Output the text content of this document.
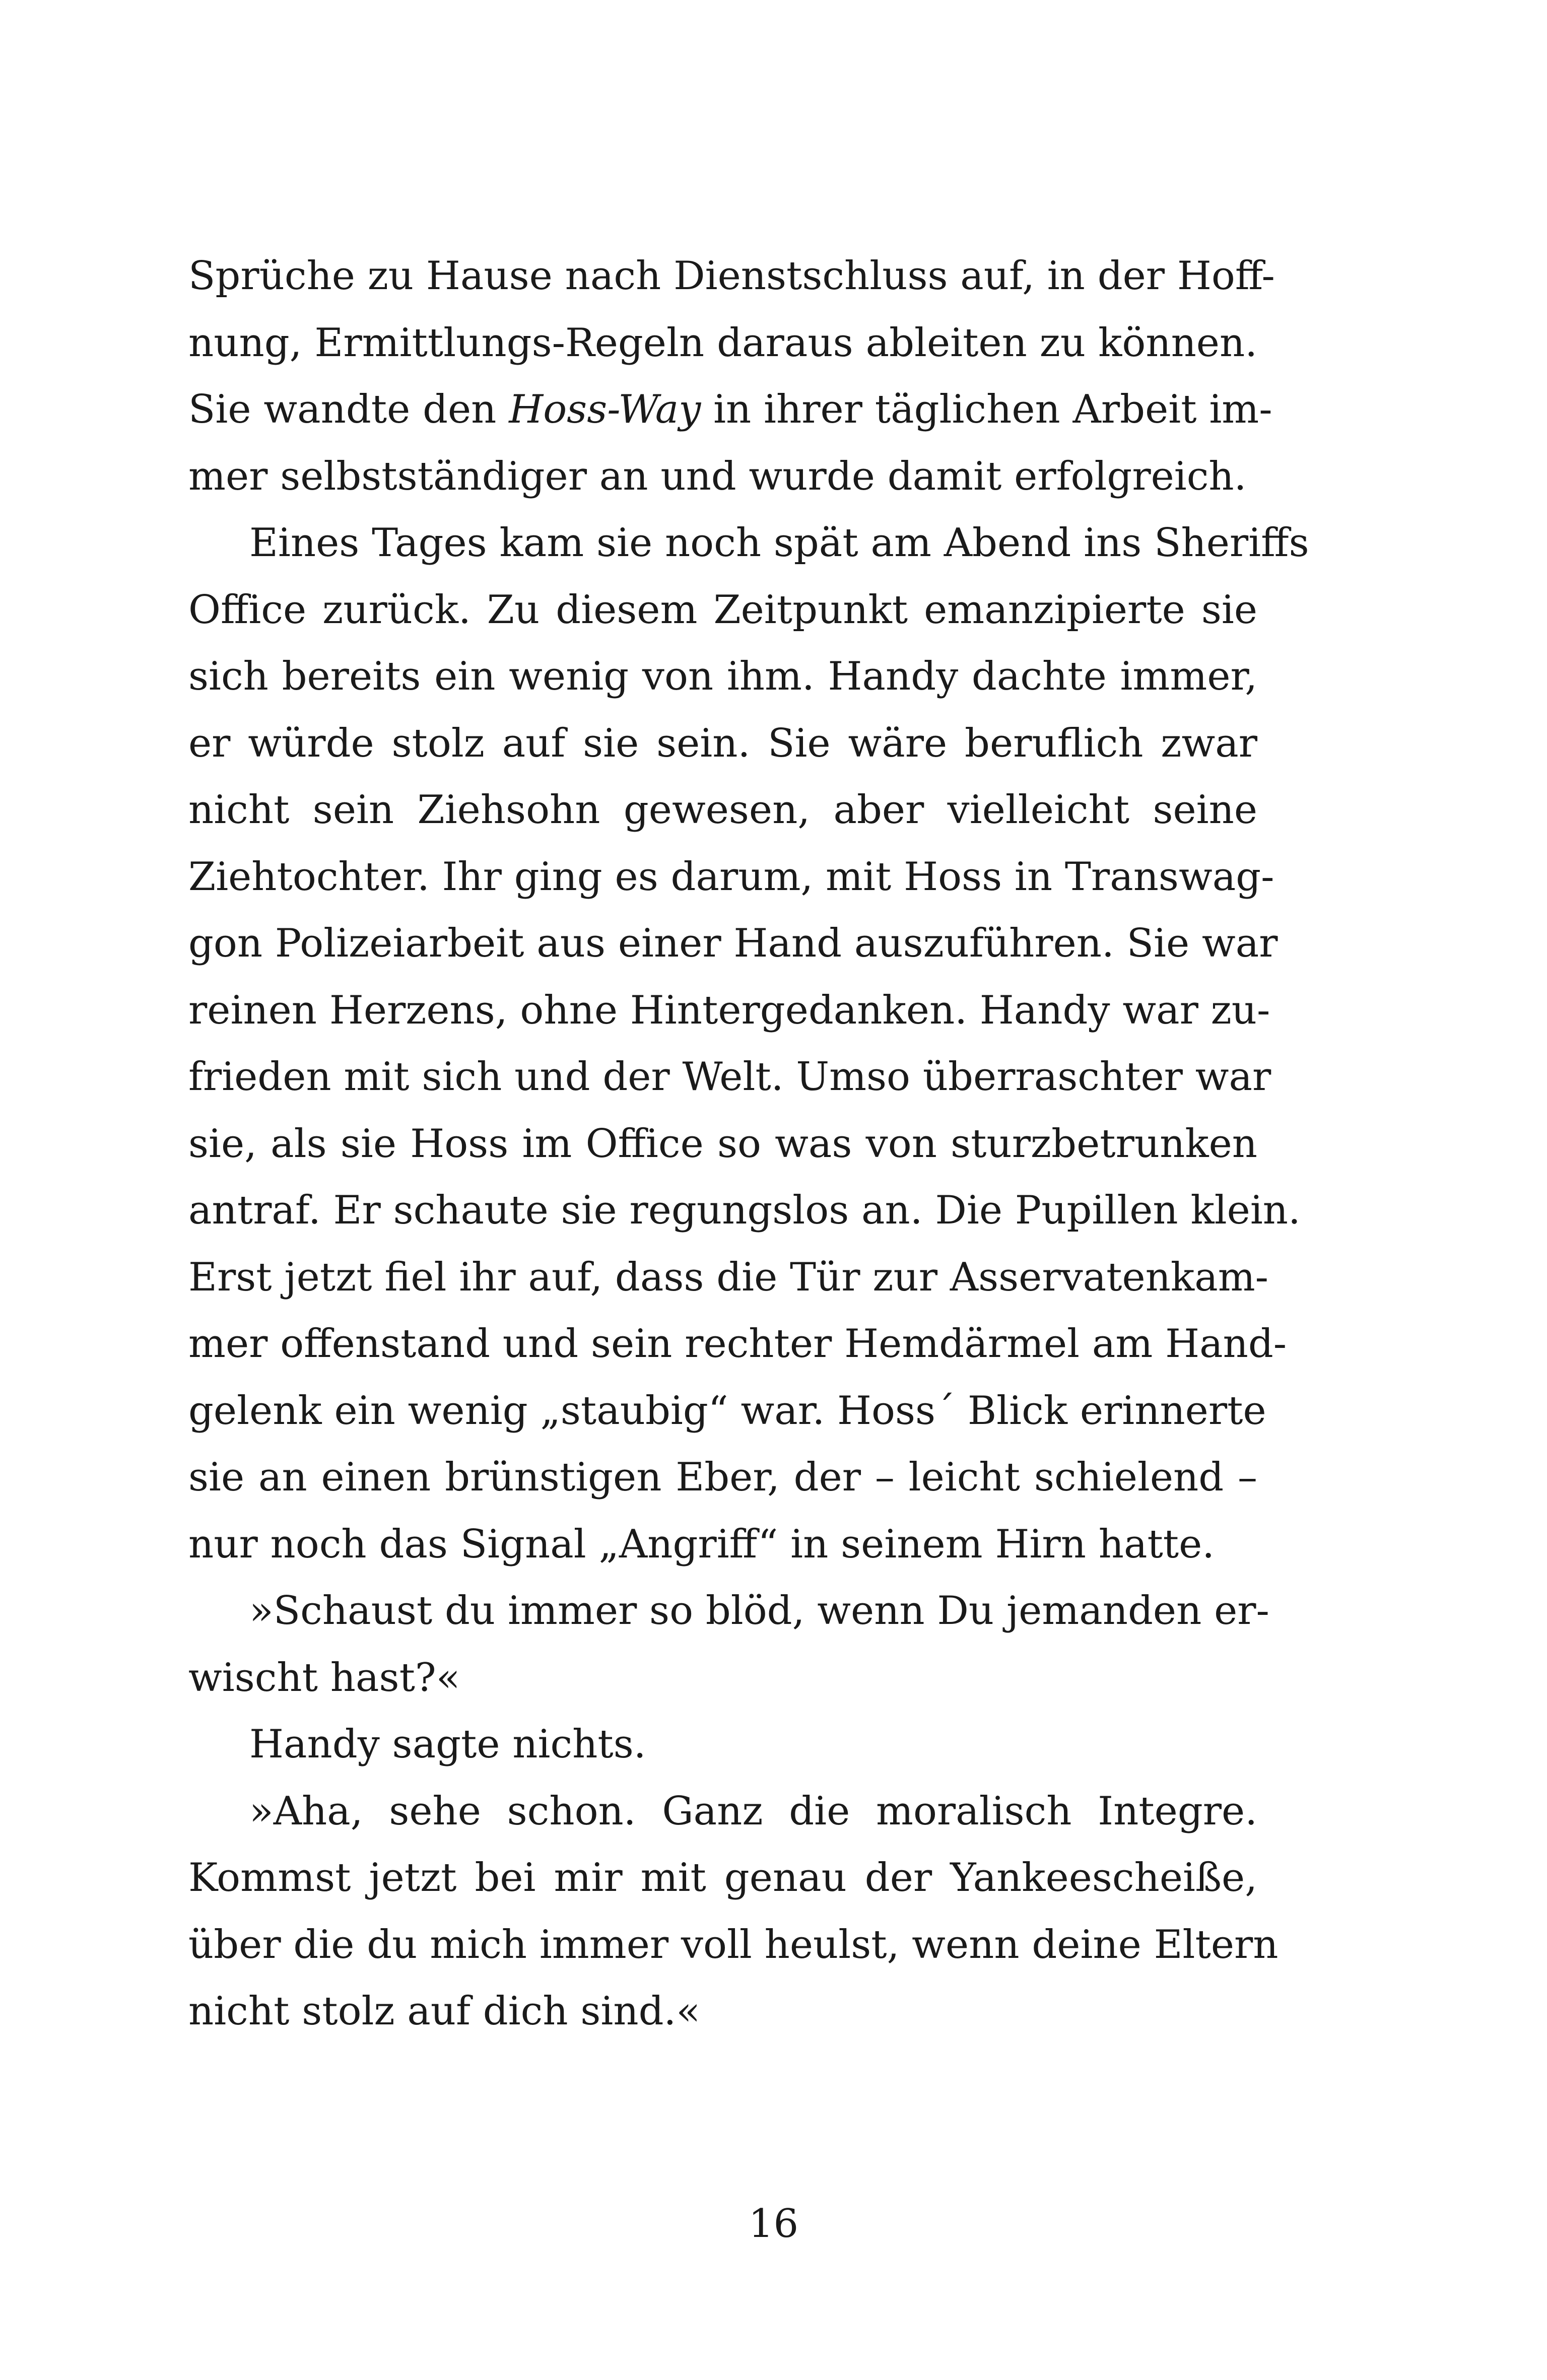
Sprüche zu Hause nach Dienstschluss auf, in der Hoff-
nung, Ermittlungs-Regeln daraus ableiten zu können.
Sie wandte den Hoss-Way in ihrer täglichen Arbeit im-
mer selbstständiger an und wurde damit erfolgreich.
Eines Tages kam sie noch spät am Abend ins Sheriffs
Office zurück. Zu diesem Zeitpunkt emanzipierte sie
sich bereits ein wenig von ihm. Handy dachte immer,
er würde stolz auf sie sein. Sie wäre beruflich zwar
nicht sein Ziehsohn gewesen, aber vielleicht seine
Ziehtochter. Ihr ging es darum, mit Hoss in Transwag-
gon Polizeiarbeit aus einer Hand auszuführen. Sie war
reinen Herzens, ohne Hintergedanken. Handy war zu-
frieden mit sich und der Welt. Umso überraschter war
sie, als sie Hoss im Office so was von sturzbetrunken
antraf. Er schaute sie regungslos an. Die Pupillen klein.
Erst jetzt fiel ihr auf, dass die Tür zur Asservatenkam-
mer offenstand und sein rechter Hemdärmel am Hand-
gelenk ein wenig „staubig“ war. Hoss´ Blick erinnerte
sie an einen brünstigen Eber, der – leicht schielend –
nur noch das Signal „Angriff“ in seinem Hirn hatte.
»Schaust du immer so blöd, wenn Du jemanden er-
wischt hast?«
Handy sagte nichts.
»Aha, sehe schon. Ganz die moralisch Integre.
Kommst jetzt bei mir mit genau der Yankeescheiße,
über die du mich immer voll heulst, wenn deine Eltern
nicht stolz auf dich sind.«
16
